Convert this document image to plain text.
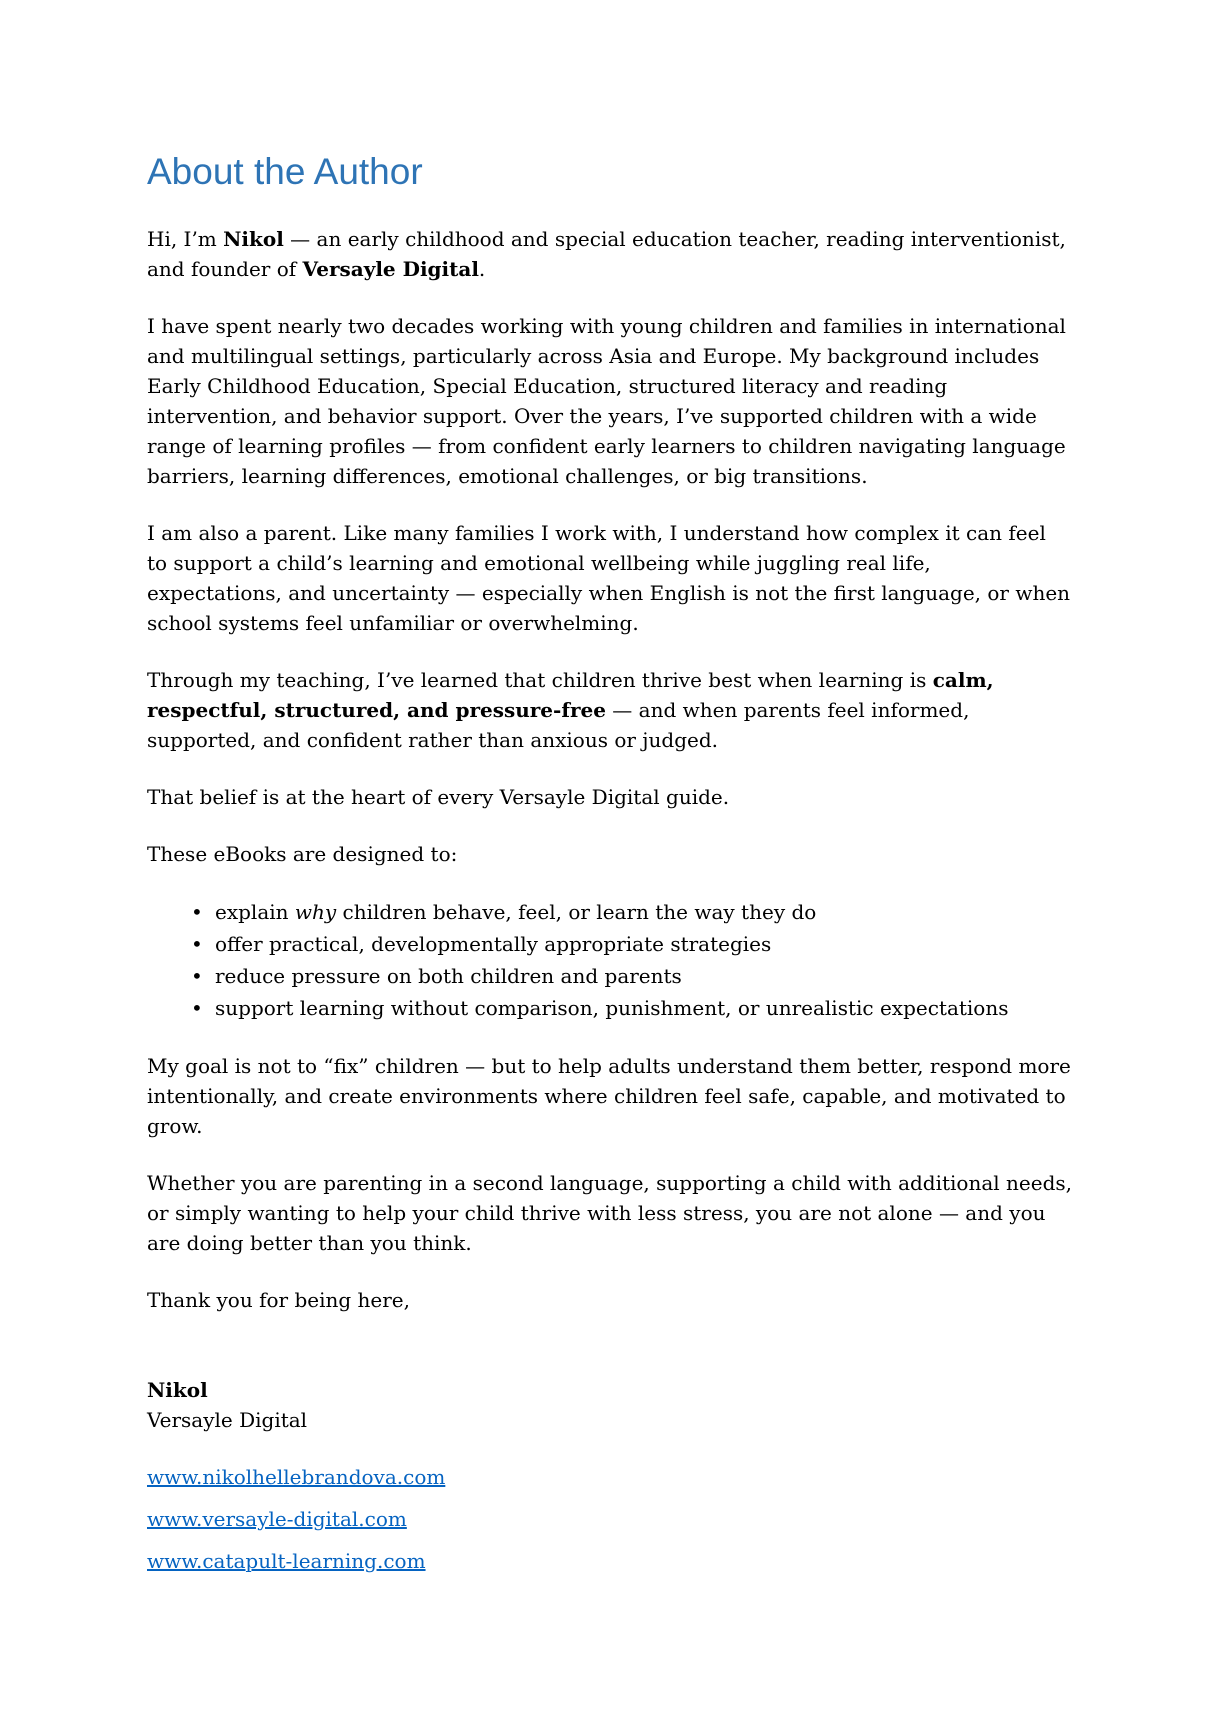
About the Author

Hi, I’m Nikol — an early childhood and special education teacher, reading interventionist, and founder of Versayle Digital.

I have spent nearly two decades working with young children and families in international and multilingual settings, particularly across Asia and Europe. My background includes Early Childhood Education, Special Education, structured literacy and reading intervention, and behavior support. Over the years, I’ve supported children with a wide range of learning profiles — from confident early learners to children navigating language barriers, learning differences, emotional challenges, or big transitions.

I am also a parent. Like many families I work with, I understand how complex it can feel to support a child’s learning and emotional wellbeing while juggling real life, expectations, and uncertainty — especially when English is not the first language, or when school systems feel unfamiliar or overwhelming.

Through my teaching, I’ve learned that children thrive best when learning is calm, respectful, structured, and pressure-free — and when parents feel informed, supported, and confident rather than anxious or judged.

That belief is at the heart of every Versayle Digital guide.

These eBooks are designed to:

• explain why children behave, feel, or learn the way they do
• offer practical, developmentally appropriate strategies
• reduce pressure on both children and parents
• support learning without comparison, punishment, or unrealistic expectations

My goal is not to “fix” children — but to help adults understand them better, respond more intentionally, and create environments where children feel safe, capable, and motivated to grow.

Whether you are parenting in a second language, supporting a child with additional needs, or simply wanting to help your child thrive with less stress, you are not alone — and you are doing better than you think.

Thank you for being here,

Nikol
Versayle Digital

www.nikolhellebrandova.com

www.versayle-digital.com

www.catapult-learning.com
